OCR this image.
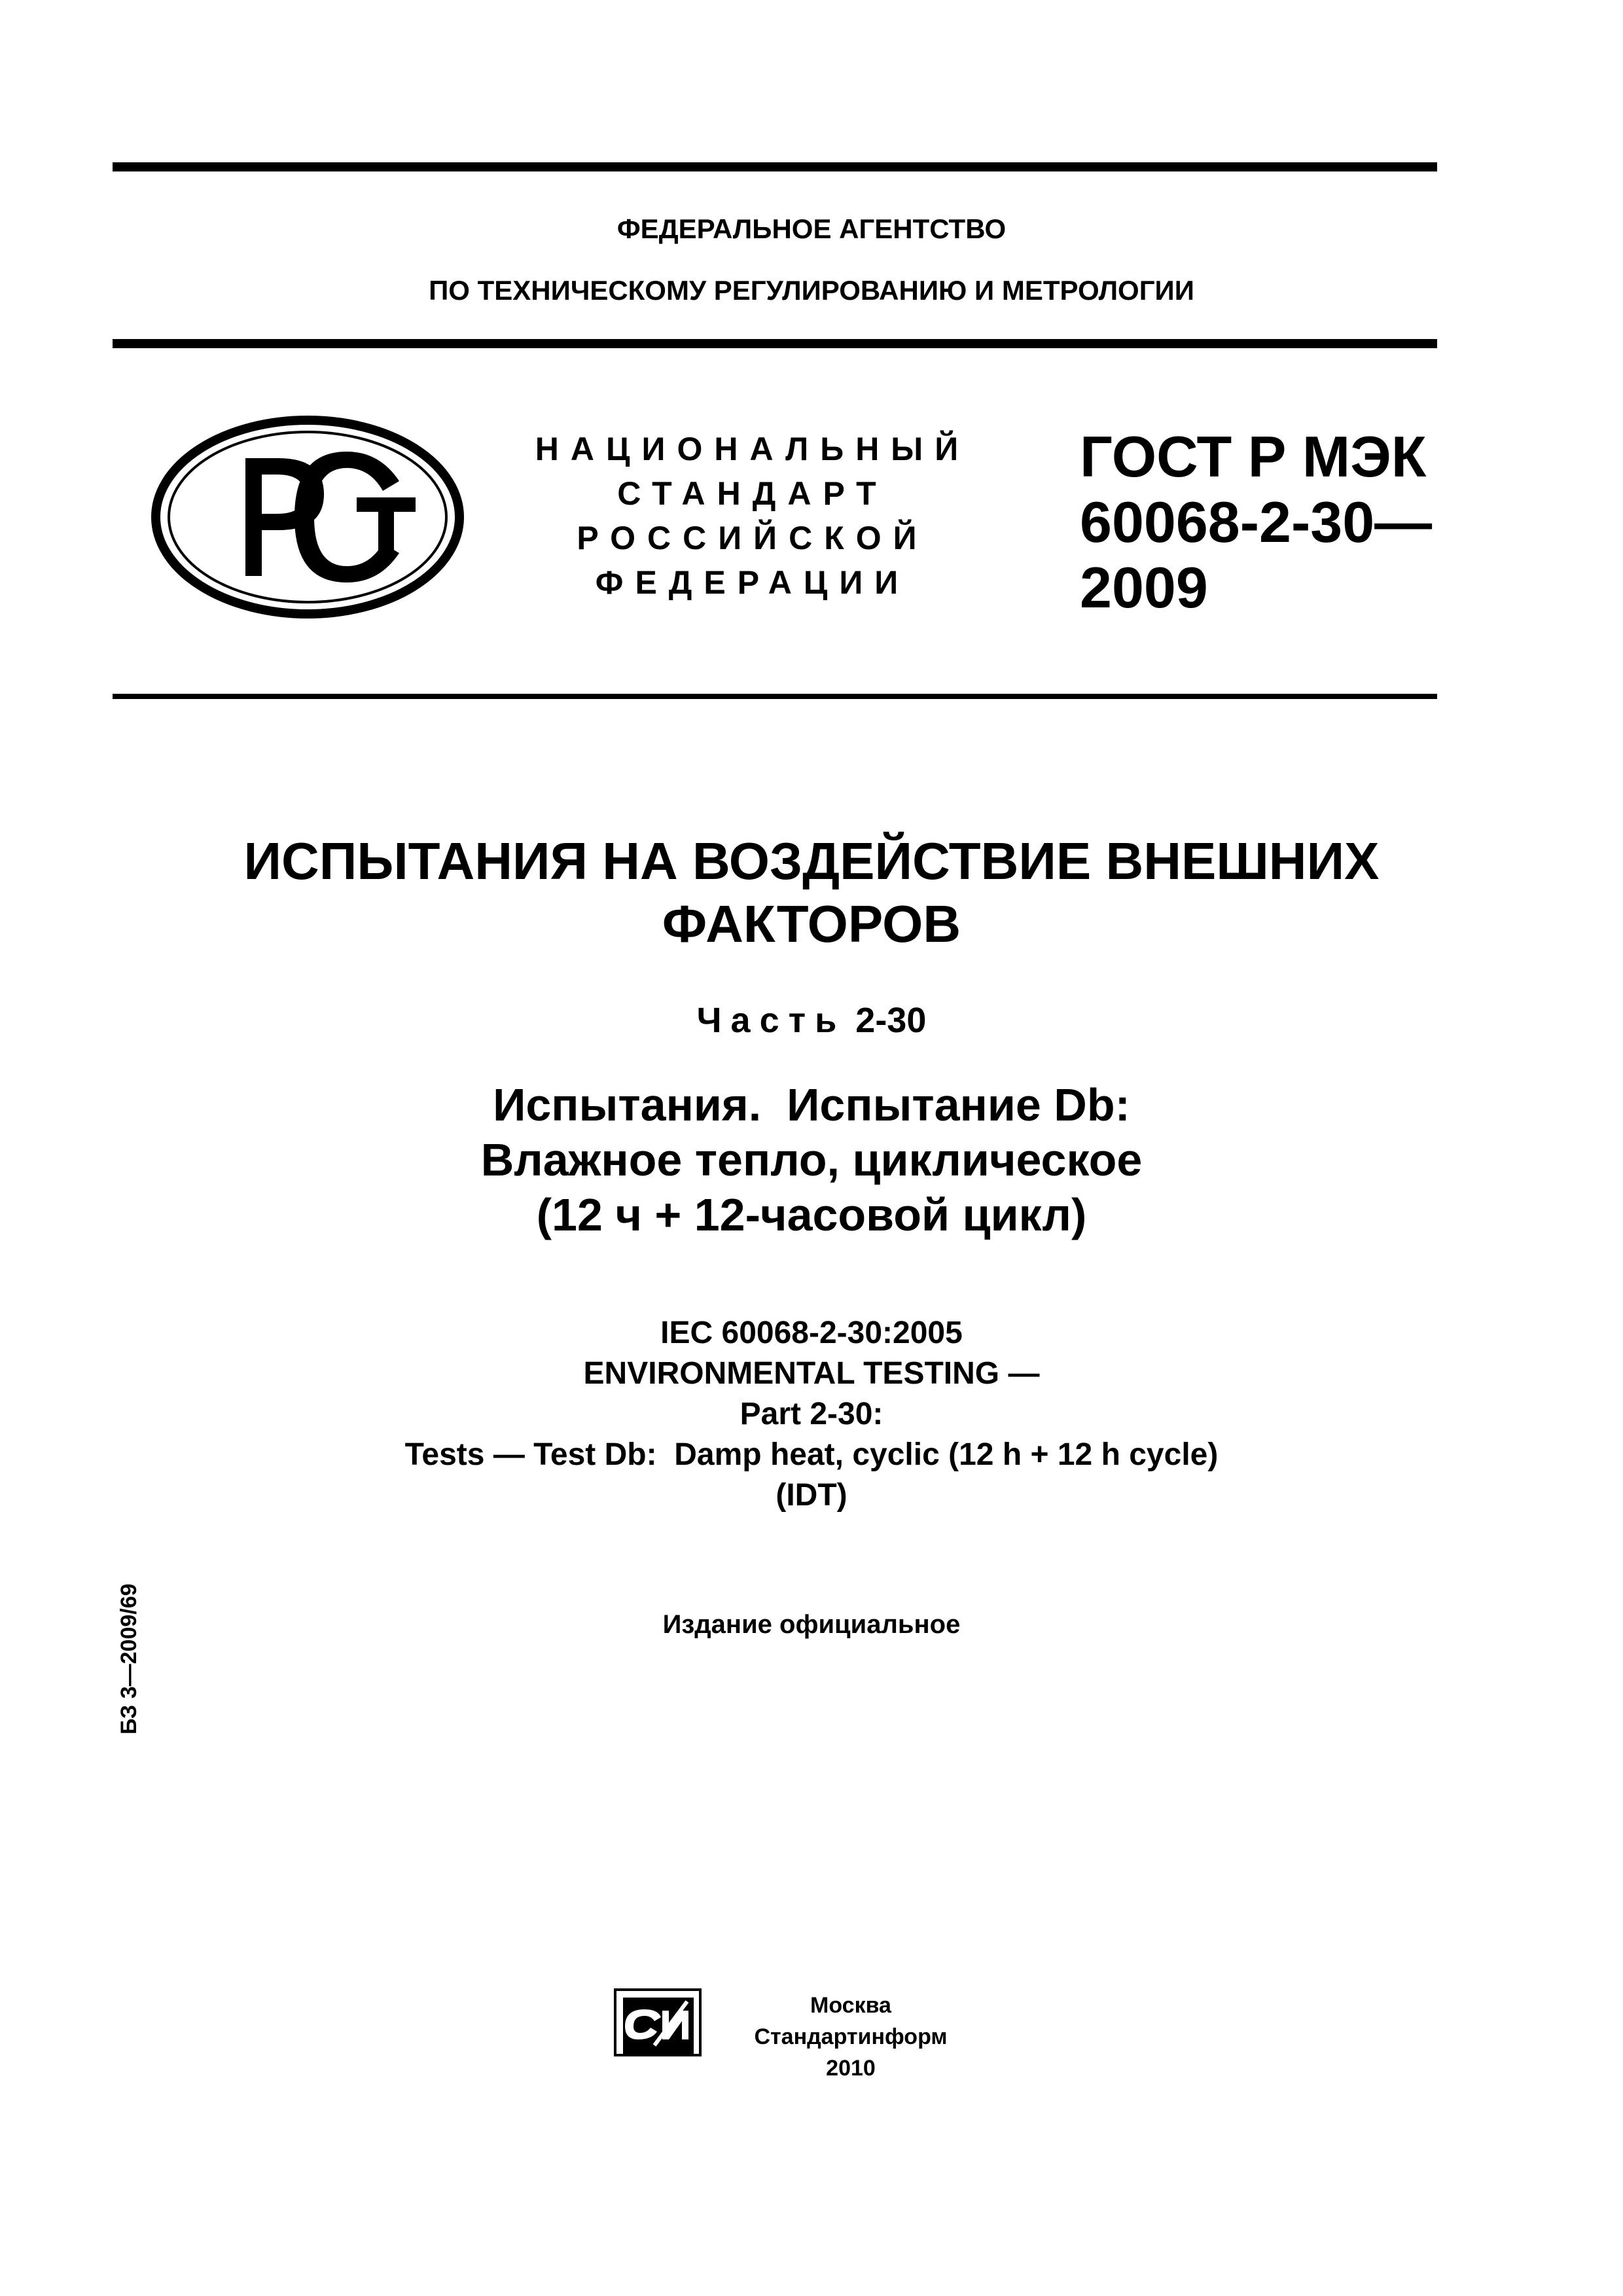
ФЕДЕРАЛЬНОЕ АГЕНТСТВО
ПО ТЕХНИЧЕСКОМУ РЕГУЛИРОВАНИЮ И МЕТРОЛОГИИ
НАЦИОНАЛЬНЫЙ
СТАНДАРТ
РОССИЙСКОЙ
ФЕДЕРАЦИИ
ГОСТ Р МЭК
60068-2-30—
2009
ИСПЫТАНИЯ НА ВОЗДЕЙСТВИЕ ВНЕШНИХ
ФАКТОРОВ
Часть 2-30
Испытания.  Испытание Db:
Влажное тепло, циклическое
(12 ч + 12-часовой цикл)
IEC 60068-2-30:2005
ENVIRONMENTAL TESTING —
Part 2-30:
Tests — Test Db:  Damp heat, cyclic (12 h + 12 h cycle)
(IDT)
Издание официальное
БЗ 3—2009/69
Москва
Стандартинформ
2010
